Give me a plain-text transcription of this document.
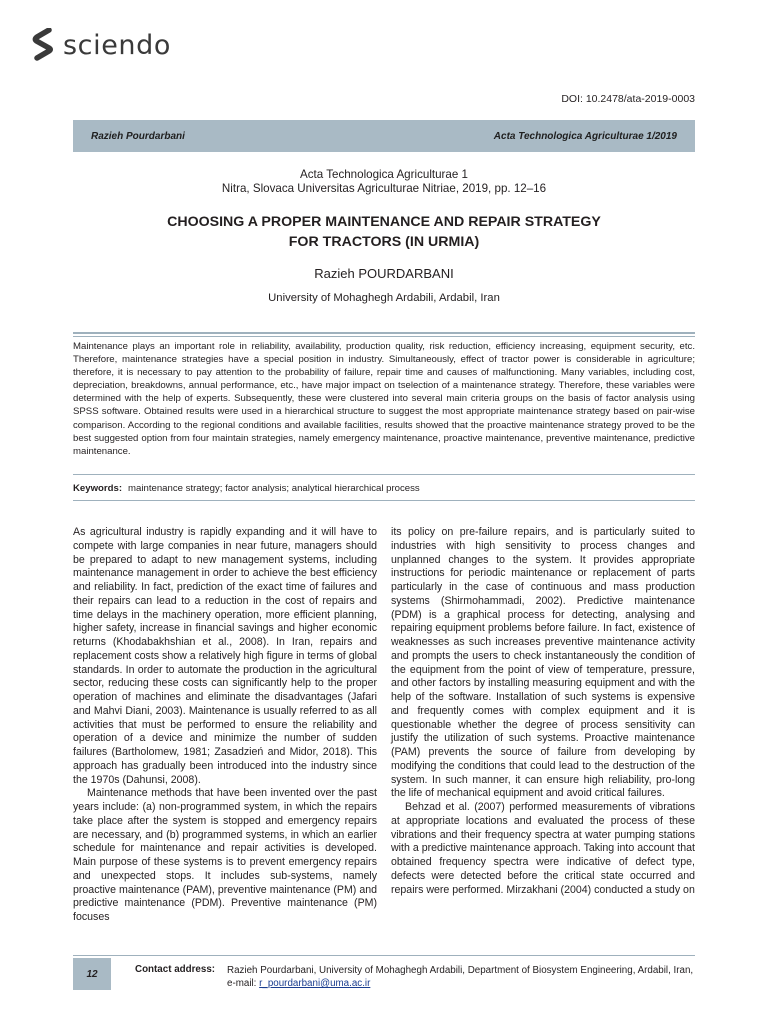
sciendo
DOI: 10.2478/ata-2019-0003
Razieh Pourdarbani	Acta Technologica Agriculturae 1/2019
Acta Technologica Agriculturae 1
Nitra, Slovaca Universitas Agriculturae Nitriae, 2019, pp. 12–16
CHOOSING A PROPER MAINTENANCE AND REPAIR STRATEGY
FOR TRACTORS (IN URMIA)
Razieh POURDARBANI
University of Mohaghegh Ardabili, Ardabil, Iran
Maintenance plays an important role in reliability, availability, production quality, risk reduction, efficiency increasing, equipment security, etc. Therefore, maintenance strategies have a special position in industry. Simultaneously, effect of tractor power is considerable in agriculture; therefore, it is necessary to pay attention to the probability of failure, repair time and causes of malfunctioning. Many variables, including cost, depreciation, breakdowns, annual performance, etc., have major impact on tselection of a maintenance strategy. Therefore, these variables were determined with the help of experts. Subsequently, these were clustered into several main criteria groups on the basis of factor analysis using SPSS software. Obtained results were used in a hierarchical structure to suggest the most appropriate maintenance strategy based on pair-wise comparison. According to the regional conditions and available facilities, results showed that the proactive maintenance strategy proved to be the best suggested option from four maintain strategies, namely emergency maintenance, proactive maintenance, preventive maintenance, predictive maintenance.
Keywords: maintenance strategy; factor analysis; analytical hierarchical process

As agricultural industry is rapidly expanding and it will have to compete with large companies in near future, managers should be prepared to adapt to new management systems, including maintenance management in order to achieve the best efficiency and reliability. In fact, prediction of the exact time of failures and their repairs can lead to a reduction in the cost of repairs and time delays in the machinery operation, more efficient planning, higher safety, increase in financial savings and higher economic returns (Khodabakhshian et al., 2008). In Iran, repairs and replacement costs show a relatively high figure in terms of global standards. In order to automate the production in the agricultural sector, reducing these costs can significantly help to the proper operation of machines and eliminate the disadvantages (Jafari and Mahvi Diani, 2003). Maintenance is usually referred to as all activities that must be performed to ensure the reliability and operation of a device and minimize the number of sudden failures (Bartholomew, 1981; Zasadzień and Midor, 2018). This approach has gradually been introduced into the industry since the 1970s (Dahunsi, 2008).

Maintenance methods that have been invented over the past years include: (a) non-programmed system, in which the repairs take place after the system is stopped and emergency repairs are necessary, and (b) programmed systems, in which an earlier schedule for maintenance and repair activities is developed. Main purpose of these systems is to prevent emergency repairs and unexpected stops. It includes sub-systems, namely proactive maintenance (PAM), preventive maintenance (PM) and predictive maintenance (PDM). Preventive maintenance (PM) focuses

its policy on pre-failure repairs, and is particularly suited to industries with high sensitivity to process changes and unplanned changes to the system. It provides appropriate instructions for periodic maintenance or replacement of parts particularly in the case of continuous and mass production systems (Shirmohammadi, 2002). Predictive maintenance (PDM) is a graphical process for detecting, analysing and repairing equipment problems before failure. In fact, existence of weaknesses as such increases preventive maintenance activity and prompts the users to check instantaneously the condition of the equipment from the point of view of temperature, pressure, and other factors by installing measuring equipment and with the help of the software. Installation of such systems is expensive and frequently comes with complex equipment and it is questionable whether the degree of process sensitivity can justify the utilization of such systems. Proactive maintenance (PAM) prevents the source of failure from developing by modifying the conditions that could lead to the destruction of the system. In such manner, it can ensure high reliability, pro-long the life of mechanical equipment and avoid critical failures.

Behzad et al. (2007) performed measurements of vibrations at appropriate locations and evaluated the process of these vibrations and their frequency spectra at water pumping stations with a predictive maintenance approach. Taking into account that obtained frequency spectra were indicative of defect type, defects were detected before the critical state occurred and repairs were performed. Mirzakhani (2004) conducted a study on

12	Contact address: Razieh Pourdarbani, University of Mohaghegh Ardabili, Department of Biosystem Engineering, Ardabil, Iran, e-mail: r_pourdarbani@uma.ac.ir
